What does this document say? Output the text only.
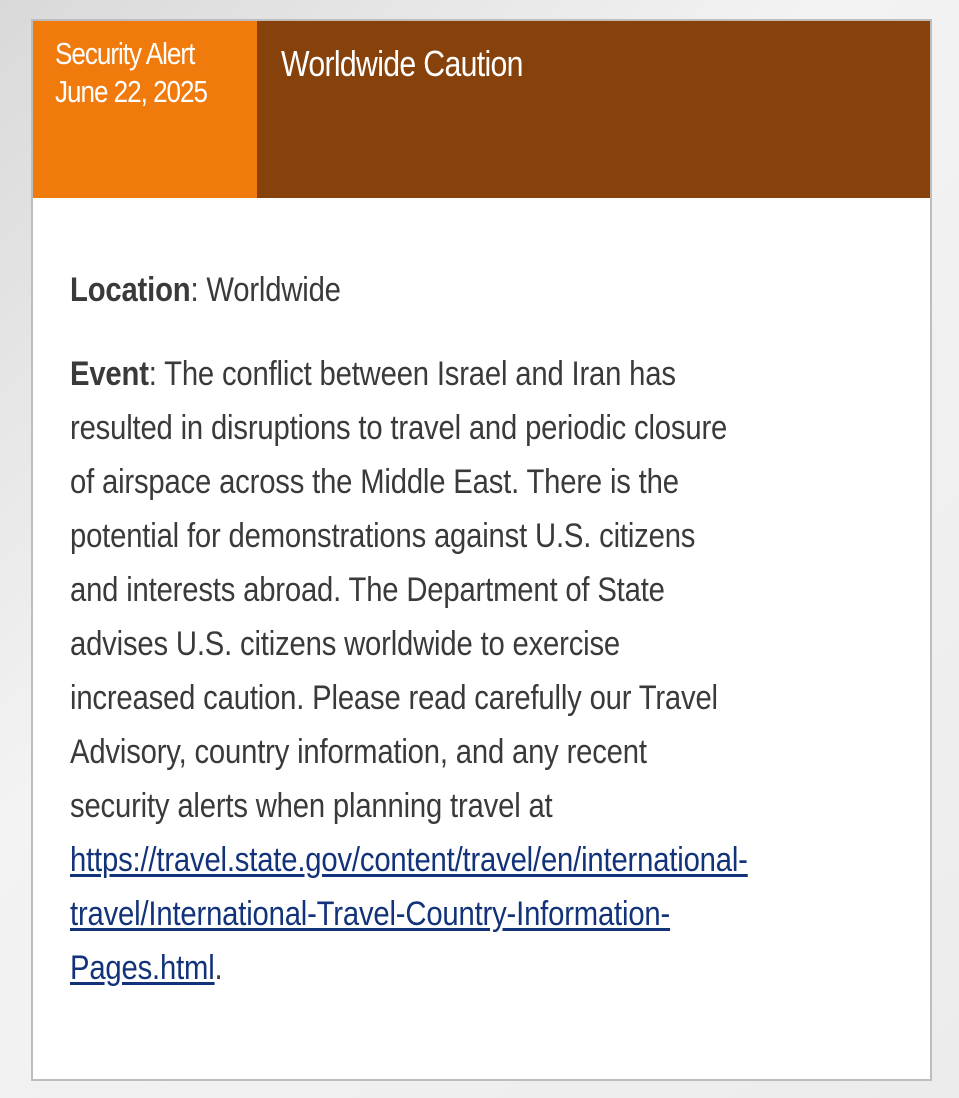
Security Alert
June 22, 2025
Worldwide Caution
Location: Worldwide
Event: The conflict between Israel and Iran has
resulted in disruptions to travel and periodic closure
of airspace across the Middle East. There is the
potential for demonstrations against U.S. citizens
and interests abroad. The Department of State
advises U.S. citizens worldwide to exercise
increased caution. Please read carefully our Travel
Advisory, country information, and any recent
security alerts when planning travel at
https://travel.state.gov/content/travel/en/international-
travel/International-Travel-Country-Information-
Pages.html.
